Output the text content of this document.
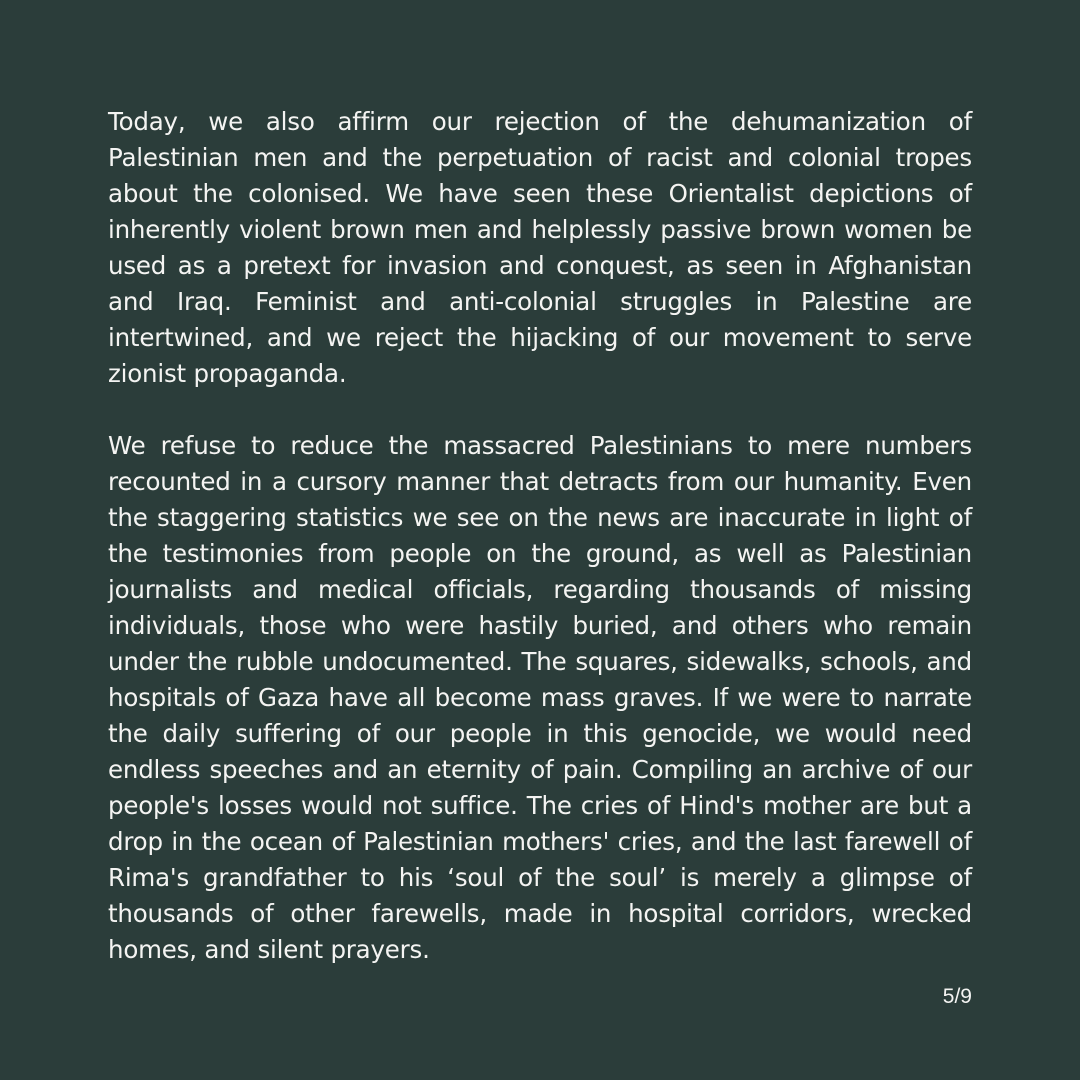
Today, we also affirm our rejection of the dehumanization of Palestinian men and the perpetuation of racist and colonial tropes about the colonised. We have seen these Orientalist depictions of inherently violent brown men and helplessly passive brown women be used as a pretext for invasion and conquest, as seen in Afghanistan and Iraq. Feminist and anti-colonial struggles in Palestine are intertwined, and we reject the hijacking of our movement to serve zionist propaganda.

We refuse to reduce the massacred Palestinians to mere numbers recounted in a cursory manner that detracts from our humanity. Even the staggering statistics we see on the news are inaccurate in light of the testimonies from people on the ground, as well as Palestinian journalists and medical officials, regarding thousands of missing individuals, those who were hastily buried, and others who remain under the rubble undocumented. The squares, sidewalks, schools, and hospitals of Gaza have all become mass graves. If we were to narrate the daily suffering of our people in this genocide, we would need endless speeches and an eternity of pain. Compiling an archive of our people's losses would not suffice. The cries of Hind's mother are but a drop in the ocean of Palestinian mothers' cries, and the last farewell of Rima's grandfather to his ‘soul of the soul’ is merely a glimpse of thousands of other farewells, made in hospital corridors, wrecked homes, and silent prayers.

5/9
